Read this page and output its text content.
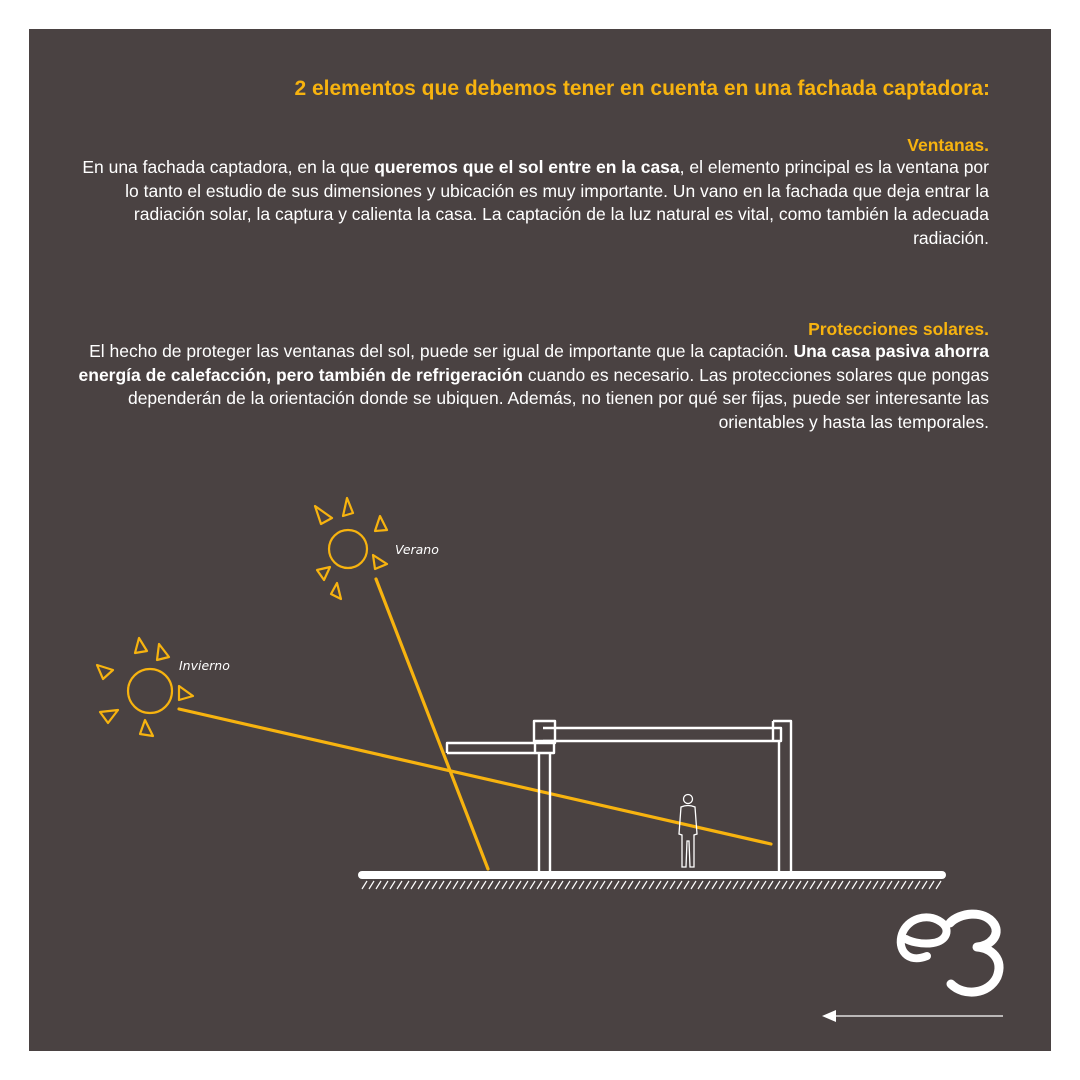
2 elementos que debemos tener en cuenta en una fachada captadora:
Ventanas.

En una fachada captadora, en la que queremos que el sol entre en la casa, el elemento principal es la ventana por lo tanto el estudio de sus dimensiones y ubicación es muy importante. Un vano en la fachada que deja entrar la radiación solar, la captura y calienta la casa. La captación de la luz natural es vital, como también la adecuada radiación.

Protecciones solares.

El hecho de proteger las ventanas del sol, puede ser igual de importante que la captación. Una casa pasiva ahorra energía de calefacción, pero también de refrigeración cuando es necesario. Las protecciones solares que pongas dependerán de la orientación donde se ubiquen. Además, no tienen por qué ser fijas, puede ser interesante las orientables y hasta las temporales.

Verano
Invierno
e3
